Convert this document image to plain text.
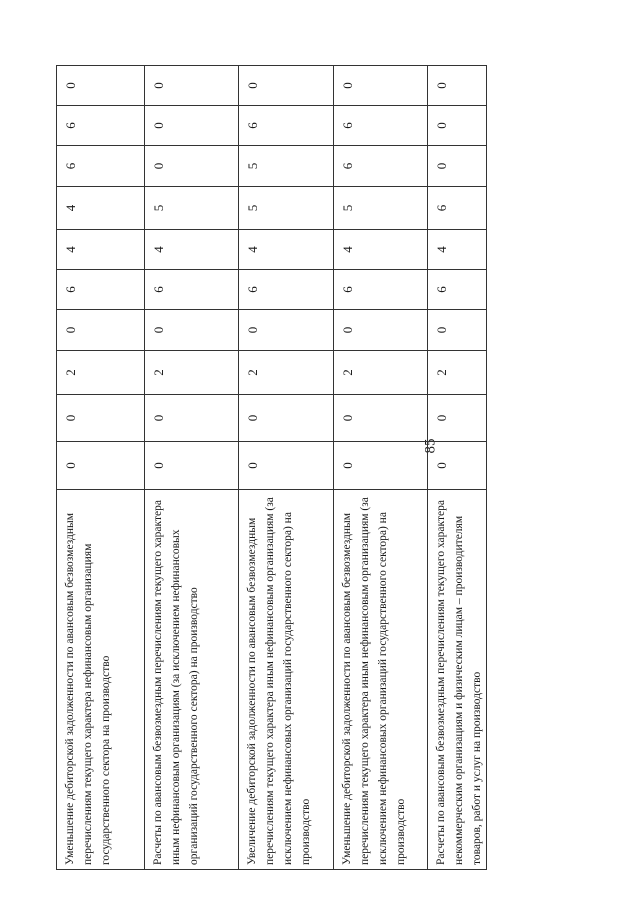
85
Уменьшение дебиторской задолженности по авансовым безвозмездным перечислениям текущего характера нефинансовым организациям государственного сектора на производство	0	0	2	0	6	4	4	6	6	0
Расчеты по авансовым безвозмездным перечислениям текущего характера иным нефинансовым организациям (за исключением нефинансовых организаций государственного сектора) на производство	0	0	2	0	6	4	5	0	0	0
Увеличение дебиторской задолженности по авансовым безвозмездным перечислениям текущего характера иным нефинансовым организациям (за исключением нефинансовых организаций государственного сектора) на производство	0	0	2	0	6	4	5	5	6	0
Уменьшение дебиторской задолженности по авансовым безвозмездным перечислениям текущего характера иным нефинансовым организациям (за исключением нефинансовых организаций государственного сектора) на производство	0	0	2	0	6	4	5	6	6	0
Расчеты по авансовым безвозмездным перечислениям текущего характера некоммерческим организациям и физическим лицам – производителям товаров, работ и услуг на производство	0	0	2	0	6	4	6	0	0	0
